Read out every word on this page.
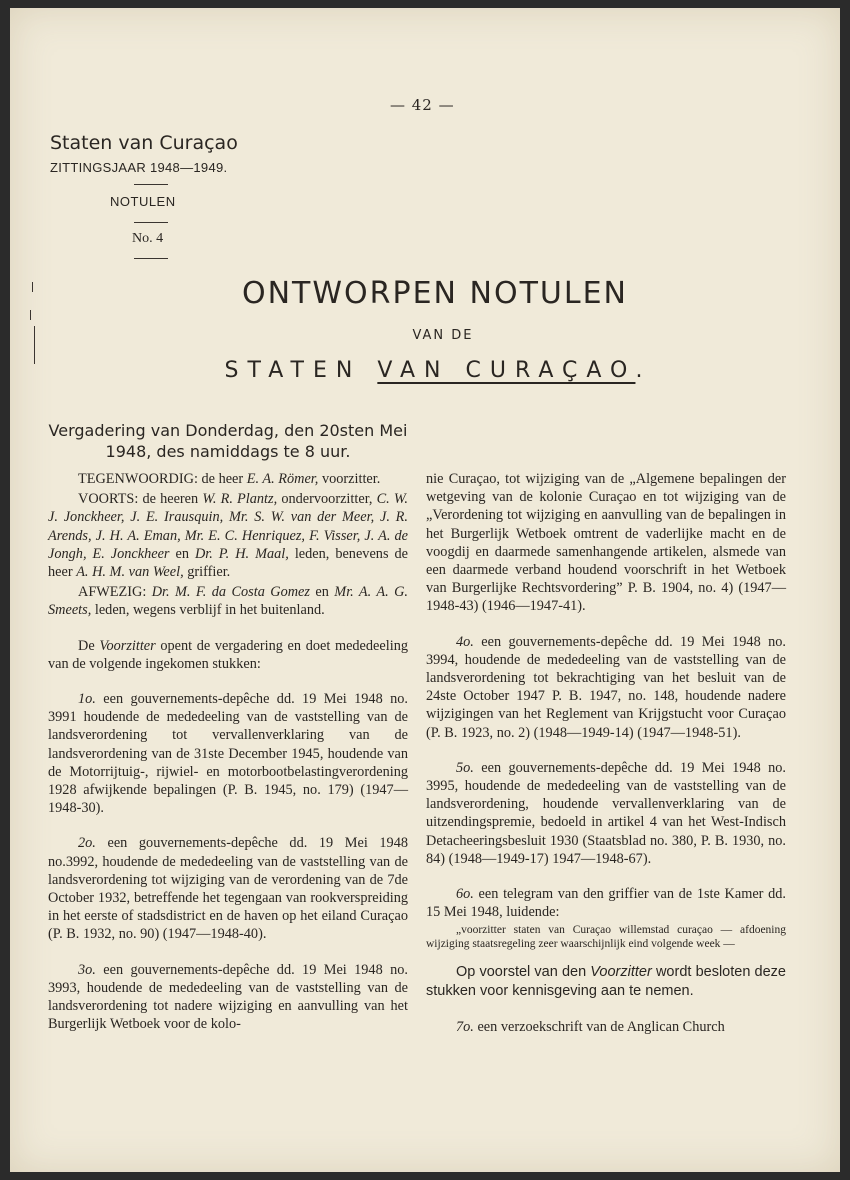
— 42 —
Staten van Curaçao
ZITTINGSJAAR 1948—1949.
NOTULEN
No. 4
ONTWORPEN NOTULEN
VAN DE
STATEN VAN CURAÇAO.
Vergadering van Donderdag, den 20sten Mei
1948, des namiddags te 8 uur.

TEGENWOORDIG: de heer E. A. Römer, voorzitter.

VOORTS: de heeren W. R. Plantz, ondervoorzitter, C. W. J. Jonckheer, J. E. Irausquin, Mr. S. W. van der Meer, J. R. Arends, J. H. A. Eman, Mr. E. C. Henriquez, F. Visser, J. A. de Jongh, E. Jonckheer en Dr. P. H. Maal, leden, benevens de heer A. H. M. van Weel, griffier.

AFWEZIG: Dr. M. F. da Costa Gomez en Mr. A. A. G. Smeets, leden, wegens verblijf in het buitenland.

De Voorzitter opent de vergadering en doet mededeeling van de volgende ingekomen stukken:

1o. een gouvernements-depêche dd. 19 Mei 1948 no. 3991 houdende de mededeeling van de vaststelling van de landsverordening tot vervallenverklaring van de landsverordening van de 31ste December 1945, houdende van de Motorrijtuig-, rijwiel- en motorbootbelastingverordening 1928 afwijkende bepalingen (P. B. 1945, no. 179) (1947—1948-30).

2o. een gouvernements-depêche dd. 19 Mei 1948 no.3992, houdende de mededeeling van de vaststelling van de landsverordening tot wijziging van de verordening van de 7de October 1932, betreffende het tegengaan van rookverspreiding in het eerste of stadsdistrict en de haven op het eiland Curaçao (P. B. 1932, no. 90) (1947—1948-40).

3o. een gouvernements-depêche dd. 19 Mei 1948 no. 3993, houdende de mededeeling van de vaststelling van de landsverordening tot nadere wijziging en aanvulling van het Burgerlijk Wetboek voor de kolo-

nie Curaçao, tot wijziging van de „Algemene bepalingen der wetgeving van de kolonie Curaçao en tot wijziging van de „Verordening tot wijziging en aanvulling van de bepalingen in het Burgerlijk Wetboek omtrent de vaderlijke macht en de voogdij en daarmede samenhangende artikelen, alsmede van een daarmede verband houdend voorschrift in het Wetboek van Burgerlijke Rechtsvordering” P. B. 1904, no. 4) (1947—1948-43) (1946—1947-41).

4o. een gouvernements-depêche dd. 19 Mei 1948 no. 3994, houdende de mededeeling van de vaststelling van de landsverordening tot bekrachtiging van het besluit van de 24ste October 1947 P. B. 1947, no. 148, houdende nadere wijzigingen van het Reglement van Krijgstucht voor Curaçao (P. B. 1923, no. 2) (1948—1949-14) (1947—1948-51).

5o. een gouvernements-depêche dd. 19 Mei 1948 no. 3995, houdende de mededeeling van de vaststelling van de landsverordening, houdende vervallenverklaring van de uitzendingspremie, bedoeld in artikel 4 van het West-Indisch Detacheeringsbesluit 1930 (Staatsblad no. 380, P. B. 1930, no. 84) (1948—1949-17) 1947—1948-67).

6o. een telegram van den griffier van de 1ste Kamer dd. 15 Mei 1948, luidende:

„voorzitter staten van Curaçao willemstad curaçao — afdoening wijziging staatsregeling zeer waarschijnlijk eind volgende week —

Op voorstel van den Voorzitter wordt besloten deze stukken voor kennisgeving aan te nemen.

7o. een verzoekschrift van de Anglican Church
